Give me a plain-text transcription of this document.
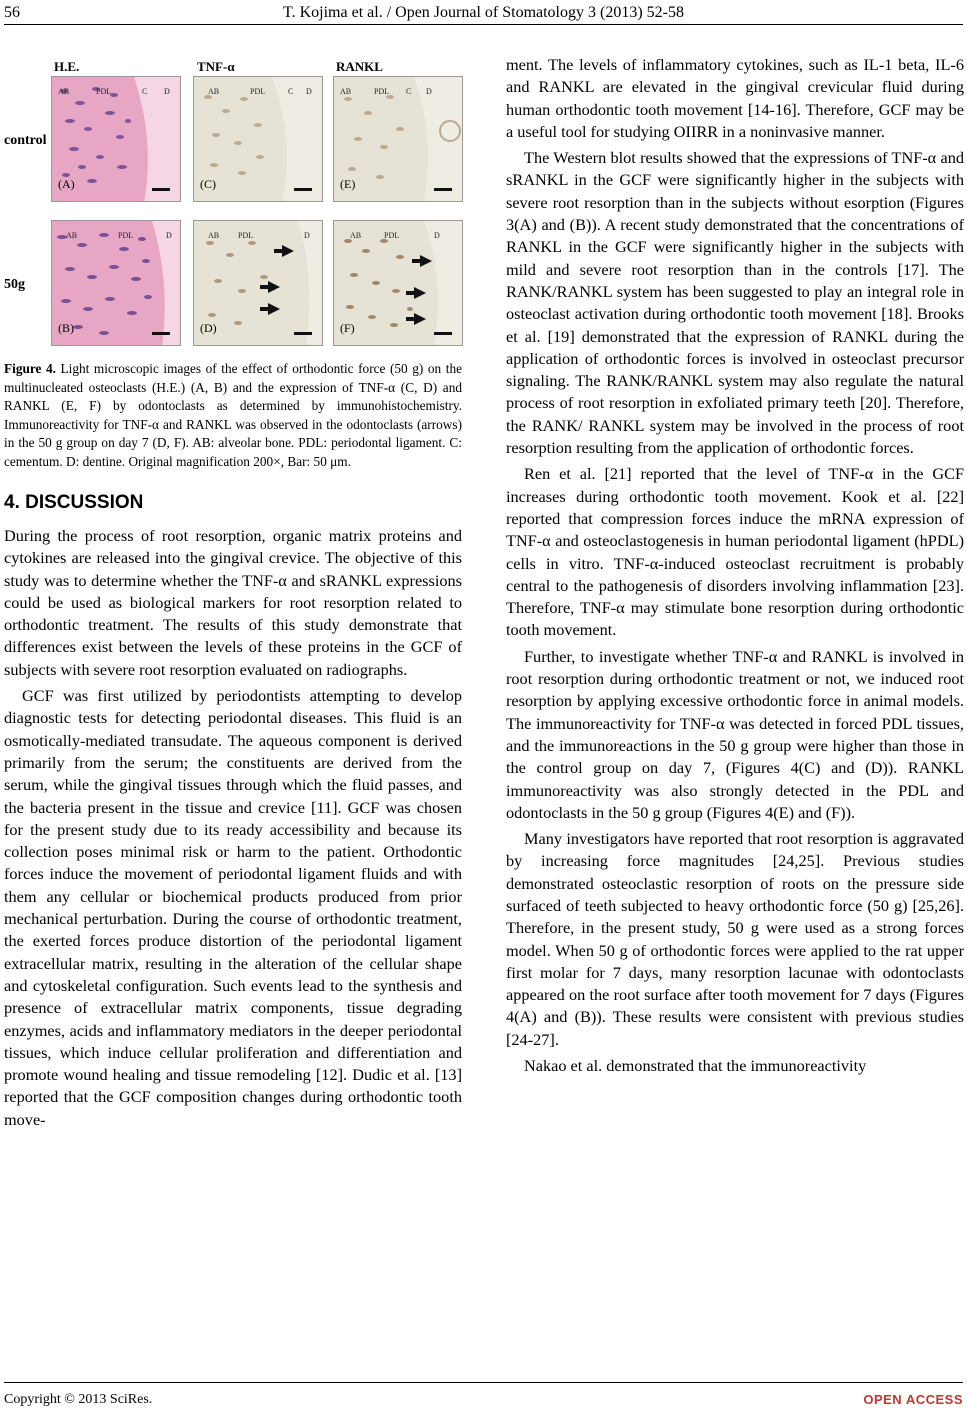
56	T. Kojima et al. / Open Journal of Stomatology 3 (2013) 52-58
H.E.	TNF-α	RANKL
control
50g
AB	PDL	C D
(A)
AB	PDL	C D
(C)
AB	PDL C D
(E)
AB	PDL	D
(B)
AB PDL	D
(D)
AB	PDL	D
(F)
Figure 4. Light microscopic images of the effect of orthodontic force (50 g) on the multinucleated osteoclasts (H.E.) (A, B) and the expression of TNF-α (C, D) and RANKL (E, F) by odontoclasts as determined by immunohistochemistry. Immunoreactivity for TNF-α and RANKL was observed in the odontoclasts (arrows) in the 50 g group on day 7 (D, F). AB: alveolar bone. PDL: periodontal ligament. C: cementum. D: dentine. Original magnification 200×, Bar: 50 μm.
4. DISCUSSION

During the process of root resorption, organic matrix proteins and cytokines are released into the gingival crevice. The objective of this study was to determine whether the TNF-α and sRANKL expressions could be used as biological markers for root resorption related to orthodontic treatment. The results of this study demonstrate that differences exist between the levels of these proteins in the GCF of subjects with severe root resorption evaluated on radiographs.

GCF was first utilized by periodontists attempting to develop diagnostic tests for detecting periodontal diseases. This fluid is an osmotically-mediated transudate. The aqueous component is derived primarily from the serum; the constituents are derived from the serum, while the gingival tissues through which the fluid passes, and the bacteria present in the tissue and crevice [11]. GCF was chosen for the present study due to its ready accessibility and because its collection poses minimal risk or harm to the patient. Orthodontic forces induce the movement of periodontal ligament fluids and with them any cellular or biochemical products produced from prior mechanical perturbation. During the course of orthodontic treatment, the exerted forces produce distortion of the periodontal ligament extracellular matrix, resulting in the alteration of the cellular shape and cytoskeletal configuration. Such events lead to the synthesis and presence of extracellular matrix components, tissue degrading enzymes, acids and inflammatory mediators in the deeper periodontal tissues, which induce cellular proliferation and differentiation and promote wound healing and tissue remodeling [12]. Dudic et al. [13] reported that the GCF composition changes during orthodontic tooth move-

ment. The levels of inflammatory cytokines, such as IL-1 beta, IL-6 and RANKL are elevated in the gingival crevicular fluid during human orthodontic tooth movement [14-16]. Therefore, GCF may be a useful tool for studying OIIRR in a noninvasive manner.

The Western blot results showed that the expressions of TNF-α and sRANKL in the GCF were significantly higher in the subjects with severe root resorption than in the subjects without esorption (Figures 3(A) and (B)). A recent study demonstrated that the concentrations of RANKL in the GCF were significantly higher in the subjects with mild and severe root resorption than in the controls [17]. The RANK/RANKL system has been suggested to play an integral role in osteoclast activation during orthodontic tooth movement [18]. Brooks et al. [19] demonstrated that the expression of RANKL during the application of orthodontic forces is involved in osteoclast precursor signaling. The RANK/RANKL system may also regulate the natural process of root resorption in exfoliated primary teeth [20]. Therefore, the RANK/ RANKL system may be involved in the process of root resorption resulting from the application of orthodontic forces.

Ren et al. [21] reported that the level of TNF-α in the GCF increases during orthodontic tooth movement. Kook et al. [22] reported that compression forces induce the mRNA expression of TNF-α and osteoclastogenesis in human periodontal ligament (hPDL) cells in vitro. TNF-α-induced osteoclast recruitment is probably central to the pathogenesis of disorders involving inflammation [23]. Therefore, TNF-α may stimulate bone resorption during orthodontic tooth movement.

Further, to investigate whether TNF-α and RANKL is involved in root resorption during orthodontic treatment or not, we induced root resorption by applying excessive orthodontic force in animal models. The immunoreactivity for TNF-α was detected in forced PDL tissues, and the immunoreactions in the 50 g group were higher than those in the control group on day 7, (Figures 4(C) and (D)). RANKL immunoreactivity was also strongly detected in the PDL and odontoclasts in the 50 g group (Figures 4(E) and (F)).

Many investigators have reported that root resorption is aggravated by increasing force magnitudes [24,25]. Previous studies demonstrated osteoclastic resorption of roots on the pressure side surfaced of teeth subjected to heavy orthodontic force (50 g) [25,26]. Therefore, in the present study, 50 g were used as a strong forces model. When 50 g of orthodontic forces were applied to the rat upper first molar for 7 days, many resorption lacunae with odontoclasts appeared on the root surface after tooth movement for 7 days (Figures 4(A) and (B)). These results were consistent with previous studies [24-27].

Nakao et al. demonstrated that the immunoreactivity

Copyright © 2013 SciRes.	OPEN ACCESS
